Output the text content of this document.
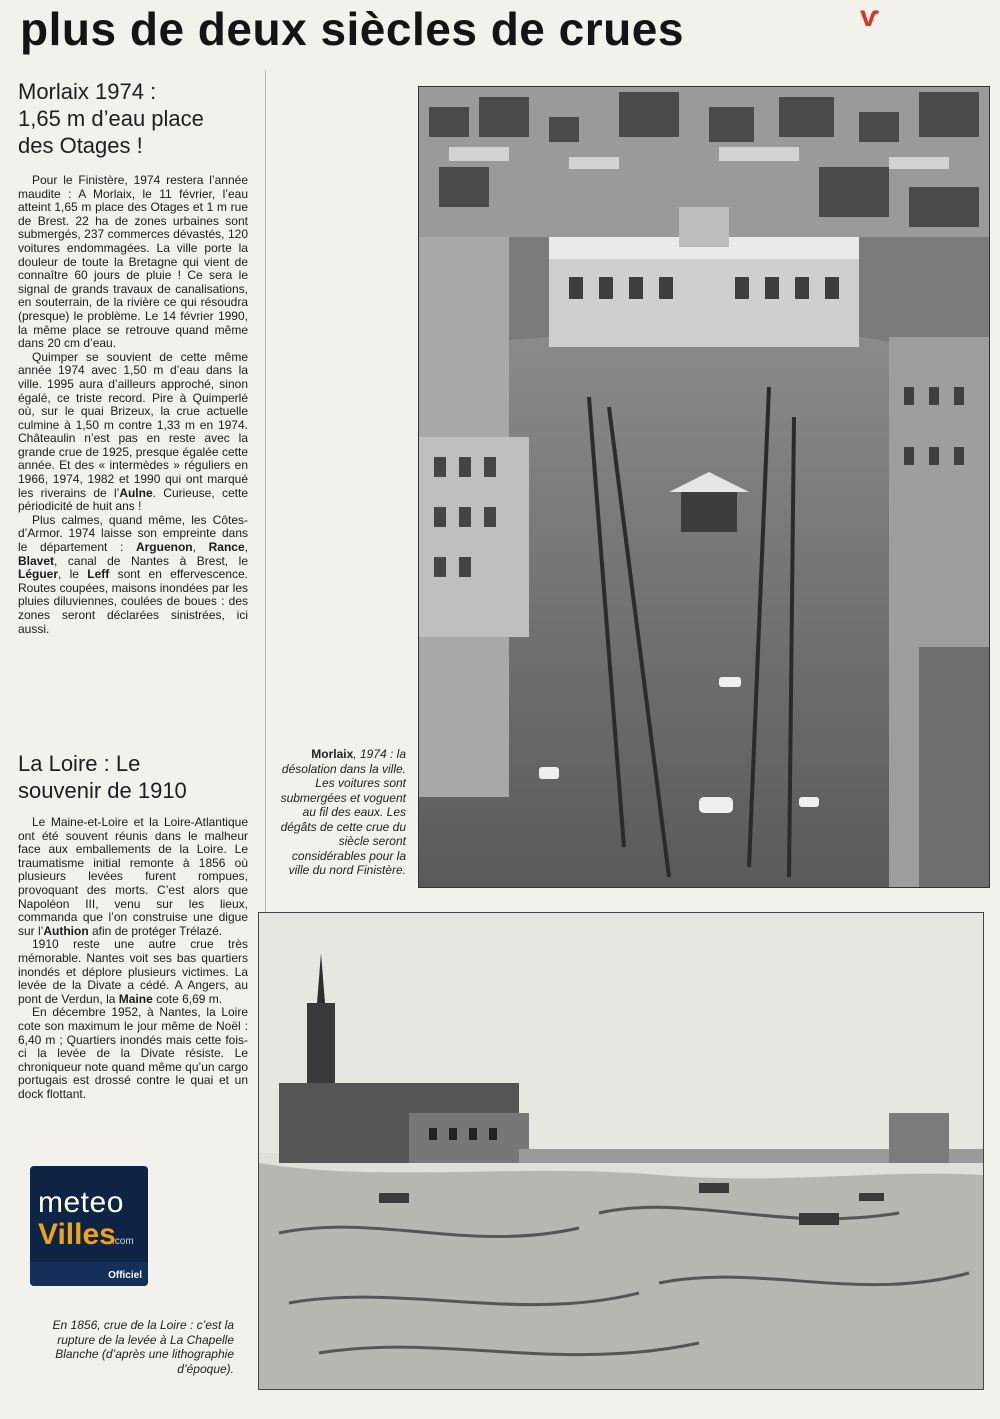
plus de deux siècles de crues	ѵ
Morlaix 1974 :
1,65 m d’eau place
des Otages !

Pour le Finistère, 1974 restera l’année maudite : A Morlaix, le 11 février, l’eau atteint 1,65 m place des Otages et 1 m rue de Brest. 22 ha de zones urbaines sont submergés, 237 commerces dévastés, 120 voitures endommagées. La ville porte la douleur de toute la Bretagne qui vient de connaître 60 jours de pluie ! Ce sera le signal de grands travaux de canalisations, en souterrain, de la rivière ce qui résoudra (presque) le problème. Le 14 février 1990, la même place se retrouve quand même dans 20 cm d’eau.

Quimper se souvient de cette même année 1974 avec 1,50 m d’eau dans la ville. 1995 aura d’ailleurs approché, sinon égalé, ce triste record. Pire à Quimperlé où, sur le quai Brizeux, la crue actuelle culmine à 1,50 m contre 1,33 m en 1974. Châteaulin n’est pas en reste avec la grande crue de 1925, presque égalée cette année. Et des « intermèdes » réguliers en 1966, 1974, 1982 et 1990 qui ont marqué les riverains de l’Aulne. Curieuse, cette périodicité de huit ans !

Plus calmes, quand même, les Côtes-d’Armor. 1974 laisse son empreinte dans le département : Arguenon, Rance, Blavet, canal de Nantes à Brest, le Léguer, le Leff sont en effervescence. Routes coupées, maisons inondées par les pluies diluviennes, coulées de boues : des zones seront déclarées sinistrées, ici aussi.

La Loire : Le
souvenir de 1910

Le Maine-et-Loire et la Loire-Atlantique ont été souvent réunis dans le malheur face aux emballements de la Loire. Le traumatisme initial remonte à 1856 où plusieurs levées furent rompues, provoquant des morts. C’est alors que Napoléon III, venu sur les lieux, commanda que l’on construise une digue sur l’Authion afin de protéger Trélazé.

1910 reste une autre crue très mémorable. Nantes voit ses bas quartiers inondés et déplore plusieurs victimes. La levée de la Divate a cédé. A Angers, au pont de Verdun, la Maine cote 6,69 m.

En décembre 1952, à Nantes, la Loire cote son maximum le jour même de Noël : 6,40 m ; Quartiers inondés mais cette fois-ci la levée de la Divate résiste. Le chroniqueur note quand même qu’un cargo portugais est drossé contre le quai et un dock flottant.

Morlaix, 1974 : la désolation dans la ville. Les voitures sont submergées et voguent au fil des eaux. Les dégâts de cette crue du siècle seront considérables pour la ville du nord Finistère.
En 1856, crue de la Loire : c’est la rupture de la levée à La Chapelle Blanche (d’après une lithographie d’époque).
meteo
Villes
.com
Officiel
